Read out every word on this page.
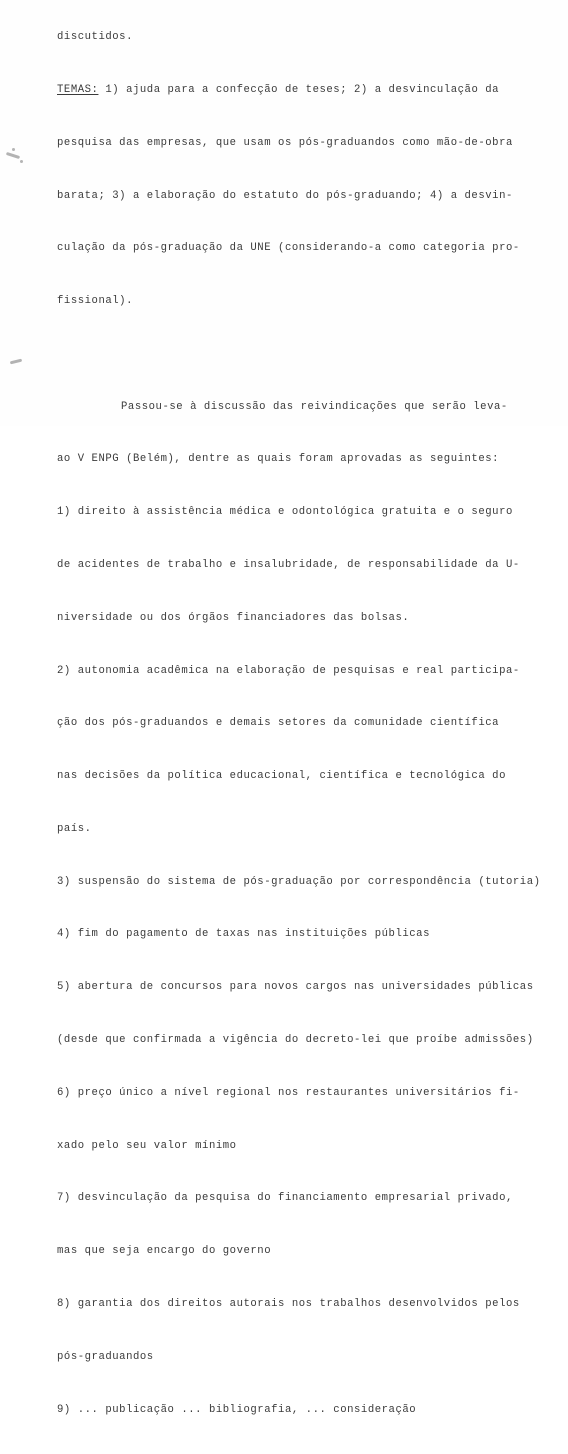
discutidos.

TEMAS: 1) ajuda para a confecção de teses; 2) a desvinculação da

pesquisa das empresas, que usam os pós-graduandos como mão-de-obra

barata; 3) a elaboração do estatuto do pós-graduando; 4) a desvin-

culação da pós-graduação da UNE (considerando-a como categoria pro-

fissional).

Passou-se à discussão das reivindicações que serão leva-

ao V ENPG (Belém), dentre as quais foram aprovadas as seguintes:

1) direito à assistência médica e odontológica gratuita e o seguro

de acidentes de trabalho e insalubridade, de responsabilidade da U-

niversidade ou dos órgãos financiadores das bolsas.

2) autonomia acadêmica na elaboração de pesquisas e real participa-

ção dos pós-graduandos e demais setores da comunidade científica

nas decisões da política educacional, científica e tecnológica do

país.

3) suspensão do sistema de pós-graduação por correspondência (tutoria)

4) fim do pagamento de taxas nas instituições públicas

5) abertura de concursos para novos cargos nas universidades públicas

(desde que confirmada a vigência do decreto-lei que proíbe admissões)

6) preço único a nível regional nos restaurantes universitários fi-

xado pelo seu valor mínimo

7) desvinculação da pesquisa do financiamento empresarial privado,

mas que seja encargo do governo

8) garantia dos direitos autorais nos trabalhos desenvolvidos pelos

pós-graduandos

9) ... publicação ... bibliografia, ... consideração
